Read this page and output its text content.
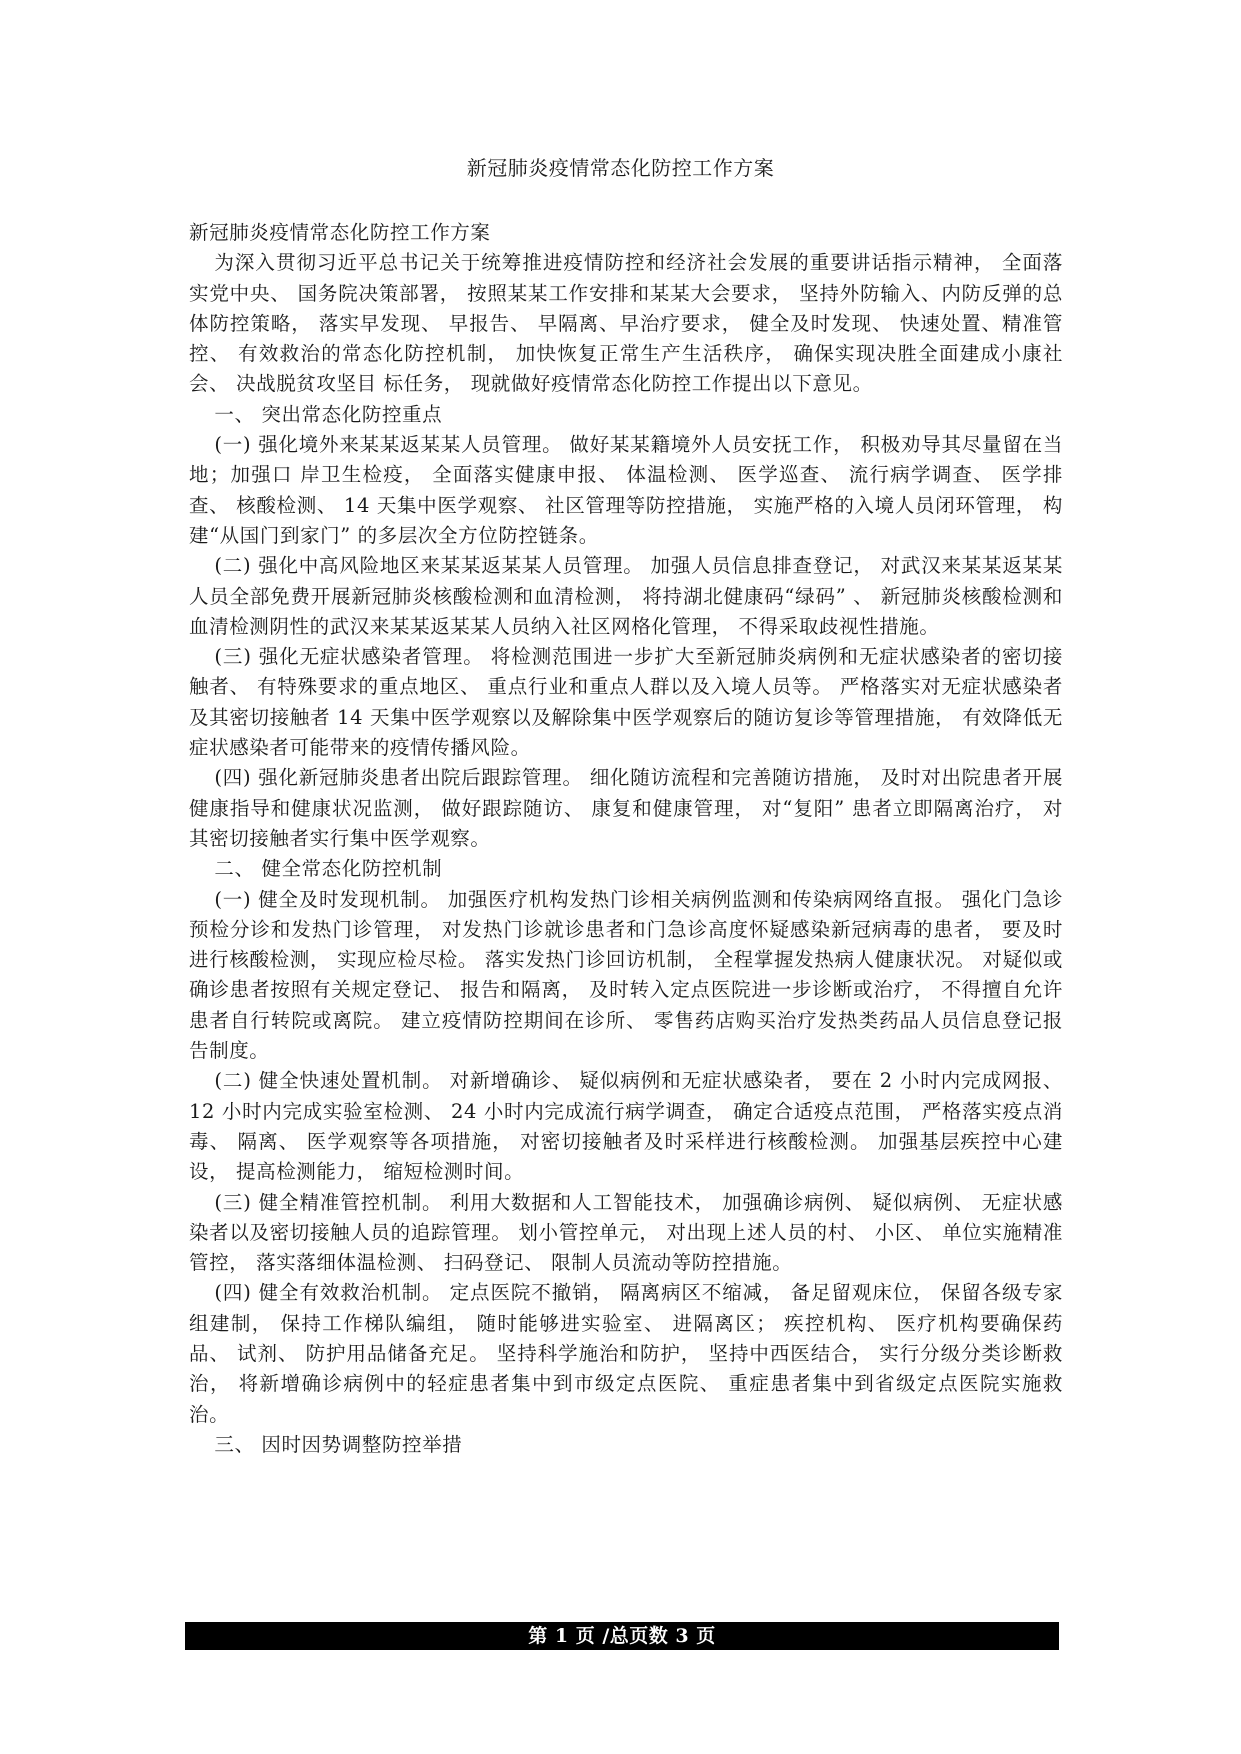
新冠肺炎疫情常态化防控工作方案

新冠肺炎疫情常态化防控工作方案

为深入贯彻习近平总书记关于统筹推进疫情防控和经济社会发展的重要讲话指示精神， 全面落实党中央、 国务院决策部署， 按照某某工作安排和某某大会要求， 坚持外防输入、内防反弹的总体防控策略， 落实早发现、 早报告、 早隔离、早治疗要求， 健全及时发现、 快速处置、精准管控、 有效救治的常态化防控机制， 加快恢复正常生产生活秩序， 确保实现决胜全面建成小康社会、 决战脱贫攻坚目 标任务， 现就做好疫情常态化防控工作提出以下意见。

一、 突出常态化防控重点

(一) 强化境外来某某返某某人员管理。 做好某某籍境外人员安抚工作， 积极劝导其尽量留在当地；加强口 岸卫生检疫， 全面落实健康申报、 体温检测、 医学巡查、 流行病学调查、 医学排查、 核酸检测、 14 天集中医学观察、 社区管理等防控措施， 实施严格的入境人员闭环管理， 构建“从国门到家门” 的多层次全方位防控链条。

(二) 强化中高风险地区来某某返某某人员管理。 加强人员信息排查登记， 对武汉来某某返某某人员全部免费开展新冠肺炎核酸检测和血清检测， 将持湖北健康码“绿码” 、 新冠肺炎核酸检测和血清检测阴性的武汉来某某返某某人员纳入社区网格化管理， 不得采取歧视性措施。

(三) 强化无症状感染者管理。 将检测范围进一步扩大至新冠肺炎病例和无症状感染者的密切接触者、 有特殊要求的重点地区、 重点行业和重点人群以及入境人员等。 严格落实对无症状感染者及其密切接触者 14 天集中医学观察以及解除集中医学观察后的随访复诊等管理措施， 有效降低无症状感染者可能带来的疫情传播风险。

(四) 强化新冠肺炎患者出院后跟踪管理。 细化随访流程和完善随访措施， 及时对出院患者开展健康指导和健康状况监测， 做好跟踪随访、 康复和健康管理， 对“复阳” 患者立即隔离治疗， 对其密切接触者实行集中医学观察。

二、 健全常态化防控机制

(一) 健全及时发现机制。 加强医疗机构发热门诊相关病例监测和传染病网络直报。 强化门急诊预检分诊和发热门诊管理， 对发热门诊就诊患者和门急诊高度怀疑感染新冠病毒的患者， 要及时进行核酸检测， 实现应检尽检。 落实发热门诊回访机制， 全程掌握发热病人健康状况。 对疑似或确诊患者按照有关规定登记、 报告和隔离， 及时转入定点医院进一步诊断或治疗， 不得擅自允许患者自行转院或离院。 建立疫情防控期间在诊所、 零售药店购买治疗发热类药品人员信息登记报告制度。

(二) 健全快速处置机制。 对新增确诊、 疑似病例和无症状感染者， 要在 2 小时内完成网报、 12 小时内完成实验室检测、 24 小时内完成流行病学调查， 确定合适疫点范围， 严格落实疫点消毒、 隔离、 医学观察等各项措施， 对密切接触者及时采样进行核酸检测。 加强基层疾控中心建设， 提高检测能力， 缩短检测时间。

(三) 健全精准管控机制。 利用大数据和人工智能技术， 加强确诊病例、 疑似病例、 无症状感染者以及密切接触人员的追踪管理。 划小管控单元， 对出现上述人员的村、 小区、 单位实施精准管控， 落实落细体温检测、 扫码登记、 限制人员流动等防控措施。

(四) 健全有效救治机制。 定点医院不撤销， 隔离病区不缩减， 备足留观床位， 保留各级专家组建制， 保持工作梯队编组， 随时能够进实验室、 进隔离区； 疾控机构、 医疗机构要确保药品、 试剂、 防护用品储备充足。 坚持科学施治和防护， 坚持中西医结合， 实行分级分类诊断救治， 将新增确诊病例中的轻症患者集中到市级定点医院、 重症患者集中到省级定点医院实施救治。

三、 因时因势调整防控举措

第 1 页 /总页数 3 页
